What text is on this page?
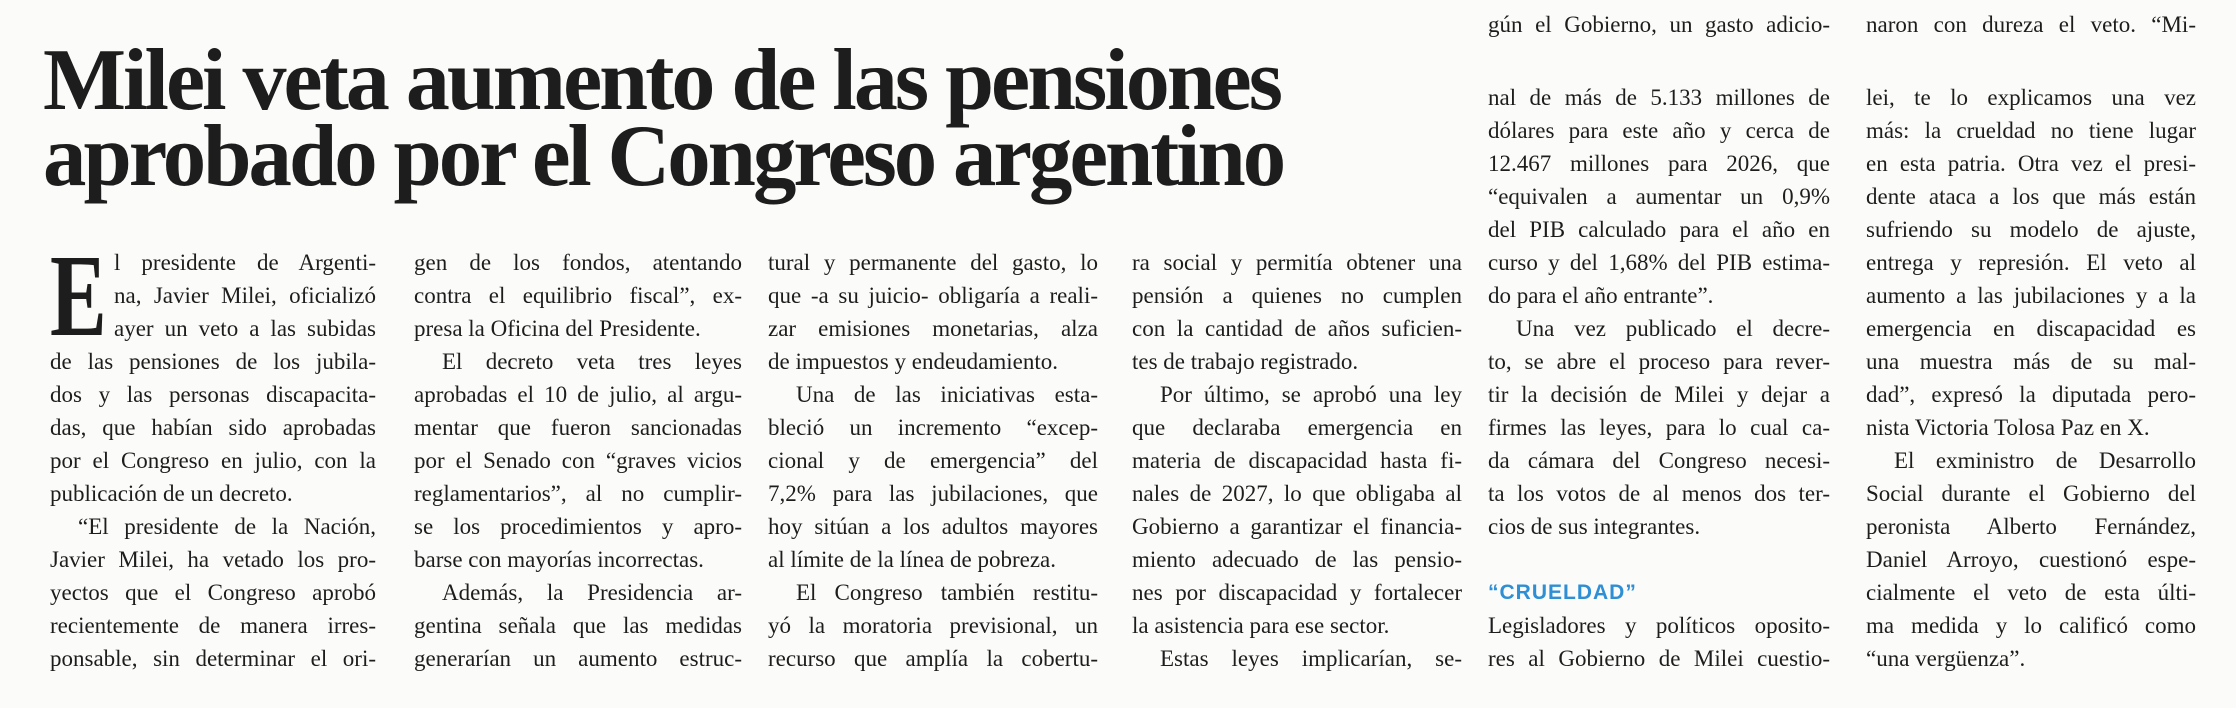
Milei veta aumento de las pensiones
aprobado por el Congreso argentino
E l presidente de Argenti-
na, Javier Milei, oficializó
ayer un veto a las subidas
de las pensiones de los jubila-
dos y las personas discapacita-
das, que habían sido aprobadas
por el Congreso en julio, con la
publicación de un decreto.
“El presidente de la Nación,
Javier Milei, ha vetado los pro-
yectos que el Congreso aprobó
recientemente de manera irres-
ponsable, sin determinar el ori-
gen de los fondos, atentando
contra el equilibrio fiscal”, ex-
presa la Oficina del Presidente.
El decreto veta tres leyes
aprobadas el 10 de julio, al argu-
mentar que fueron sancionadas
por el Senado con “graves vicios
reglamentarios”, al no cumplir-
se los procedimientos y apro-
barse con mayorías incorrectas.
Además, la Presidencia ar-
gentina señala que las medidas
generarían un aumento estruc-
tural y permanente del gasto, lo
que -a su juicio- obligaría a reali-
zar emisiones monetarias, alza
de impuestos y endeudamiento.
Una de las iniciativas esta-
bleció un incremento “excep-
cional y de emergencia” del
7,2% para las jubilaciones, que
hoy sitúan a los adultos mayores
al límite de la línea de pobreza.
El Congreso también restitu-
yó la moratoria previsional, un
recurso que amplía la cobertu-
ra social y permitía obtener una
pensión a quienes no cumplen
con la cantidad de años suficien-
tes de trabajo registrado.
Por último, se aprobó una ley
que declaraba emergencia en
materia de discapacidad hasta fi-
nales de 2027, lo que obligaba al
Gobierno a garantizar el financia-
miento adecuado de las pensio-
nes por discapacidad y fortalecer
la asistencia para ese sector.
Estas leyes implicarían, se-
gún el Gobierno, un gasto adicio-
nal de más de 5.133 millones de
dólares para este año y cerca de
12.467 millones para 2026, que
“equivalen a aumentar un 0,9%
del PIB calculado para el año en
curso y del 1,68% del PIB estima-
do para el año entrante”.
Una vez publicado el decre-
to, se abre el proceso para rever-
tir la decisión de Milei y dejar a
firmes las leyes, para lo cual ca-
da cámara del Congreso necesi-
ta los votos de al menos dos ter-
cios de sus integrantes.
“CRUELDAD”
Legisladores y políticos oposito-
res al Gobierno de Milei cuestio-
naron con dureza el veto. “Mi-
lei, te lo explicamos una vez
más: la crueldad no tiene lugar
en esta patria. Otra vez el presi-
dente ataca a los que más están
sufriendo su modelo de ajuste,
entrega y represión. El veto al
aumento a las jubilaciones y a la
emergencia en discapacidad es
una muestra más de su mal-
dad”, expresó la diputada pero-
nista Victoria Tolosa Paz en X.
El exministro de Desarrollo
Social durante el Gobierno del
peronista Alberto Fernández,
Daniel Arroyo, cuestionó espe-
cialmente el veto de esta últi-
ma medida y lo calificó como
“una vergüenza”.
